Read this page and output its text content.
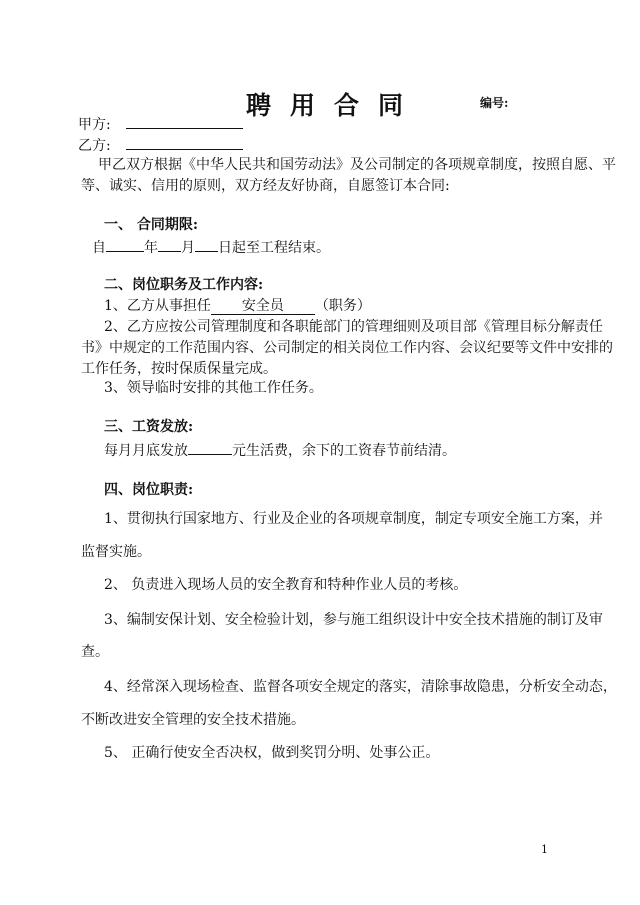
聘用合同	编号:
甲方:
乙方:
甲乙双方根据《中华人民共和国劳动法》及公司制定的各项规章制度，按照自愿、平
等、诚实、信用的原则，双方经友好协商，自愿签订本合同:
一、 合同期限:
自	年 月 日起至工程结束。
二、岗位职务及工作内容:
1、乙方从事担任 安全员 （职务）
2、乙方应按公司管理制度和各职能部门的管理细则及项目部《管理目标分解责任
书》中规定的工作范围内容、公司制定的相关岗位工作内容、会议纪要等文件中安排的
工作任务，按时保质保量完成。
3、领导临时安排的其他工作任务。
三、工资发放:
每月月底发放	元生活费，余下的工资春节前结清。
四、岗位职责:
1、贯彻执行国家地方、行业及企业的各项规章制度，制定专项安全施工方案，并
监督实施。
2、 负责进入现场人员的安全教育和特种作业人员的考核。
3、编制安保计划、安全检验计划，参与施工组织设计中安全技术措施的制订及审
查。
4、经常深入现场检查、监督各项安全规定的落实，清除事故隐患，分析安全动态，
不断改进安全管理的安全技术措施。
5、 正确行使安全否决权，做到奖罚分明、处事公正。
1
